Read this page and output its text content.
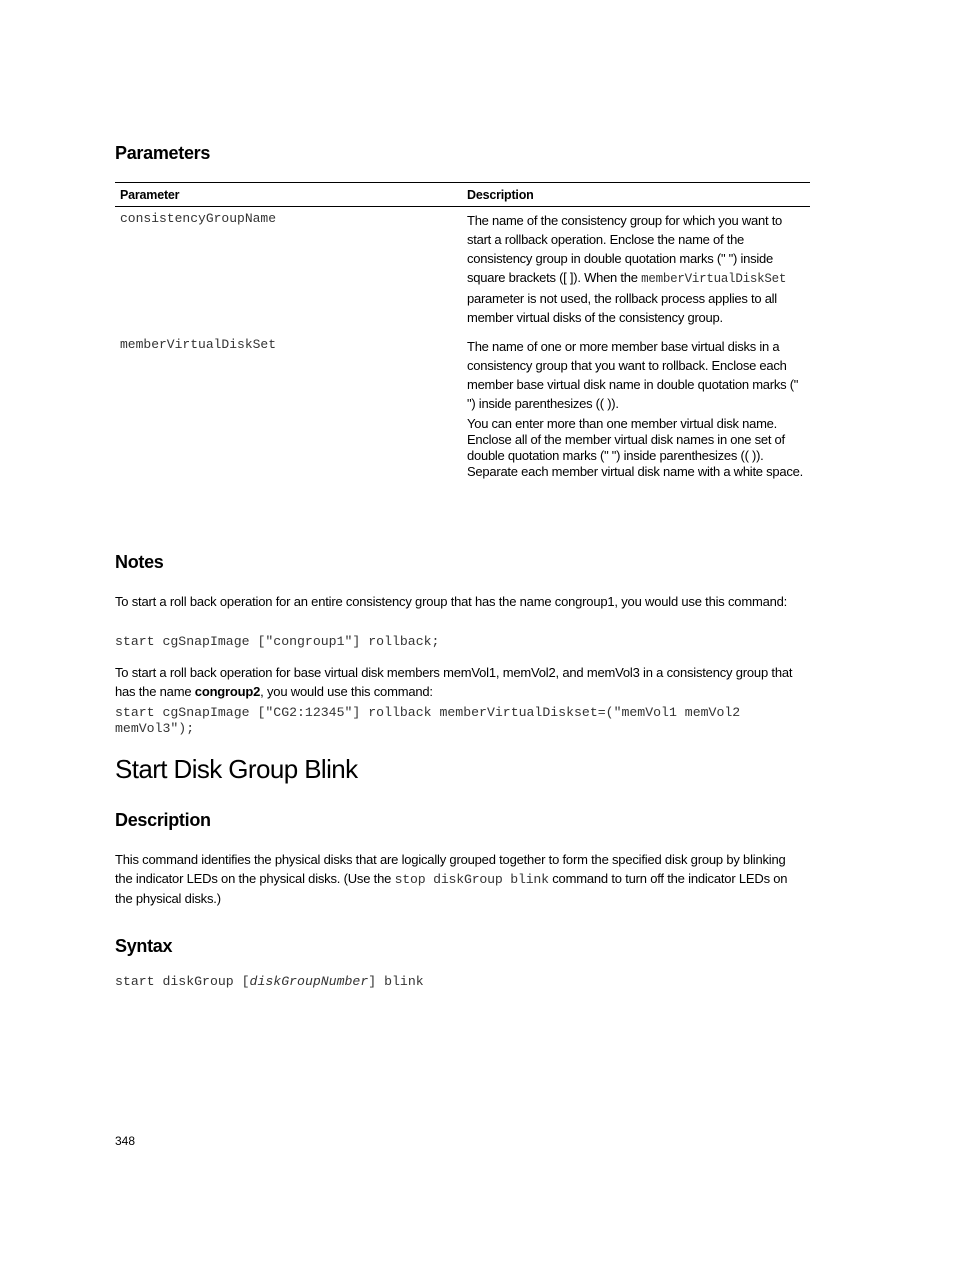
Parameters
Parameter	Description

consistencyGroupName	The name of the consistency group for which you want to start a rollback operation. Enclose the name of the consistency group in double quotation marks (" ") inside square brackets ([ ]). When the memberVirtualDiskSet parameter is not used, the rollback process applies to all member virtual disks of the consistency group.

memberVirtualDiskSet	The name of one or more member base virtual disks in a consistency group that you want to rollback. Enclose each member base virtual disk name in double quotation marks (" ") inside parenthesizes (( )).
You can enter more than one member virtual disk name. Enclose all of the member virtual disk names in one set of double quotation marks (" ") inside parenthesizes (( )). Separate each member virtual disk name with a white space.
Notes
To start a roll back operation for an entire consistency group that has the name congroup1, you would use this command:
start cgSnapImage ["congroup1"] rollback;
To start a roll back operation for base virtual disk members memVol1, memVol2, and memVol3 in a consistency group that has the name congroup2, you would use this command:
start cgSnapImage ["CG2:12345"] rollback memberVirtualDiskset=("memVol1 memVol2
memVol3");
Start Disk Group Blink
Description
This command identifies the physical disks that are logically grouped together to form the specified disk group by blinking the indicator LEDs on the physical disks. (Use the stop diskGroup blink command to turn off the indicator LEDs on the physical disks.)
Syntax
start diskGroup [diskGroupNumber] blink
348
